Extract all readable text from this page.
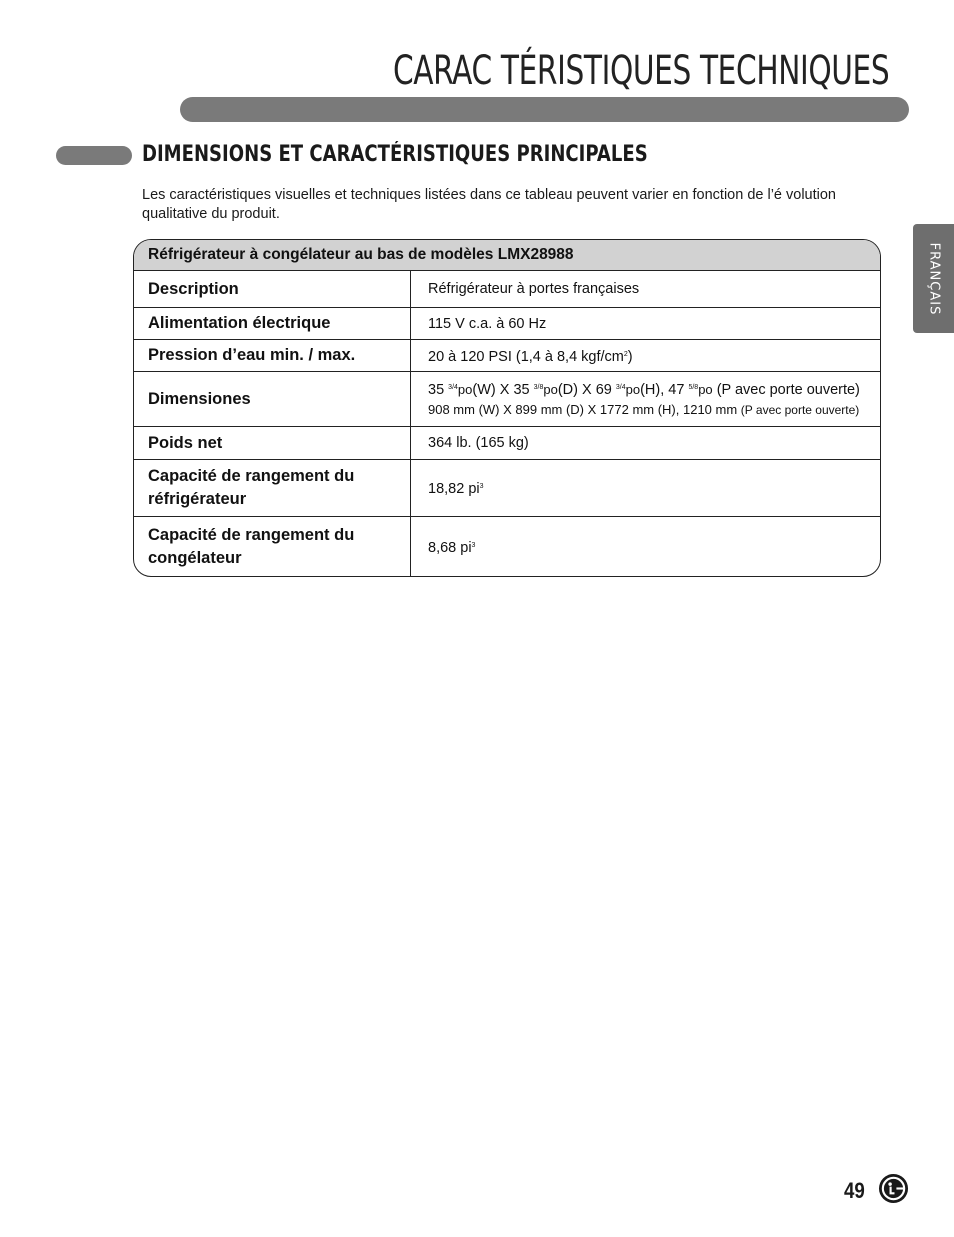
CARAC TÉRISTIQUES TECHNIQUES
DIMENSIONS ET CARACTÉRISTIQUES PRINCIPALES

Les caractéristiques visuelles et techniques listées dans ce tableau peuvent varier en fonction de l’é volution qualitative du produit.

FRANÇAIS
Réfrigérateur à congélateur au bas de modèles LMX28988	
Description	Réfrigérateur à portes françaises
Alimentation électrique	115 V c.a. à 60 Hz
Pression d’eau min. / max.	20 à 120 PSI (1,4 à 8,4 kgf/$cm^2$)
Dimensiones	35 $^{3/4}$po(W) X 35 $^{3/8}$po(D) X 69 $^{3/4}$po(H), 47 $^{5/8}$po (P avec porte ouverte)
908 mm (W) X 899 mm (D) X 1772 mm (H), 1210 mm (P avec porte ouverte)

Poids net	364 lb. (165 kg)
Capacité de rangement du réfrigérateur	18,82 $pi^3$
Capacité de rangement du congélateur	8,68 $pi^3$
49
